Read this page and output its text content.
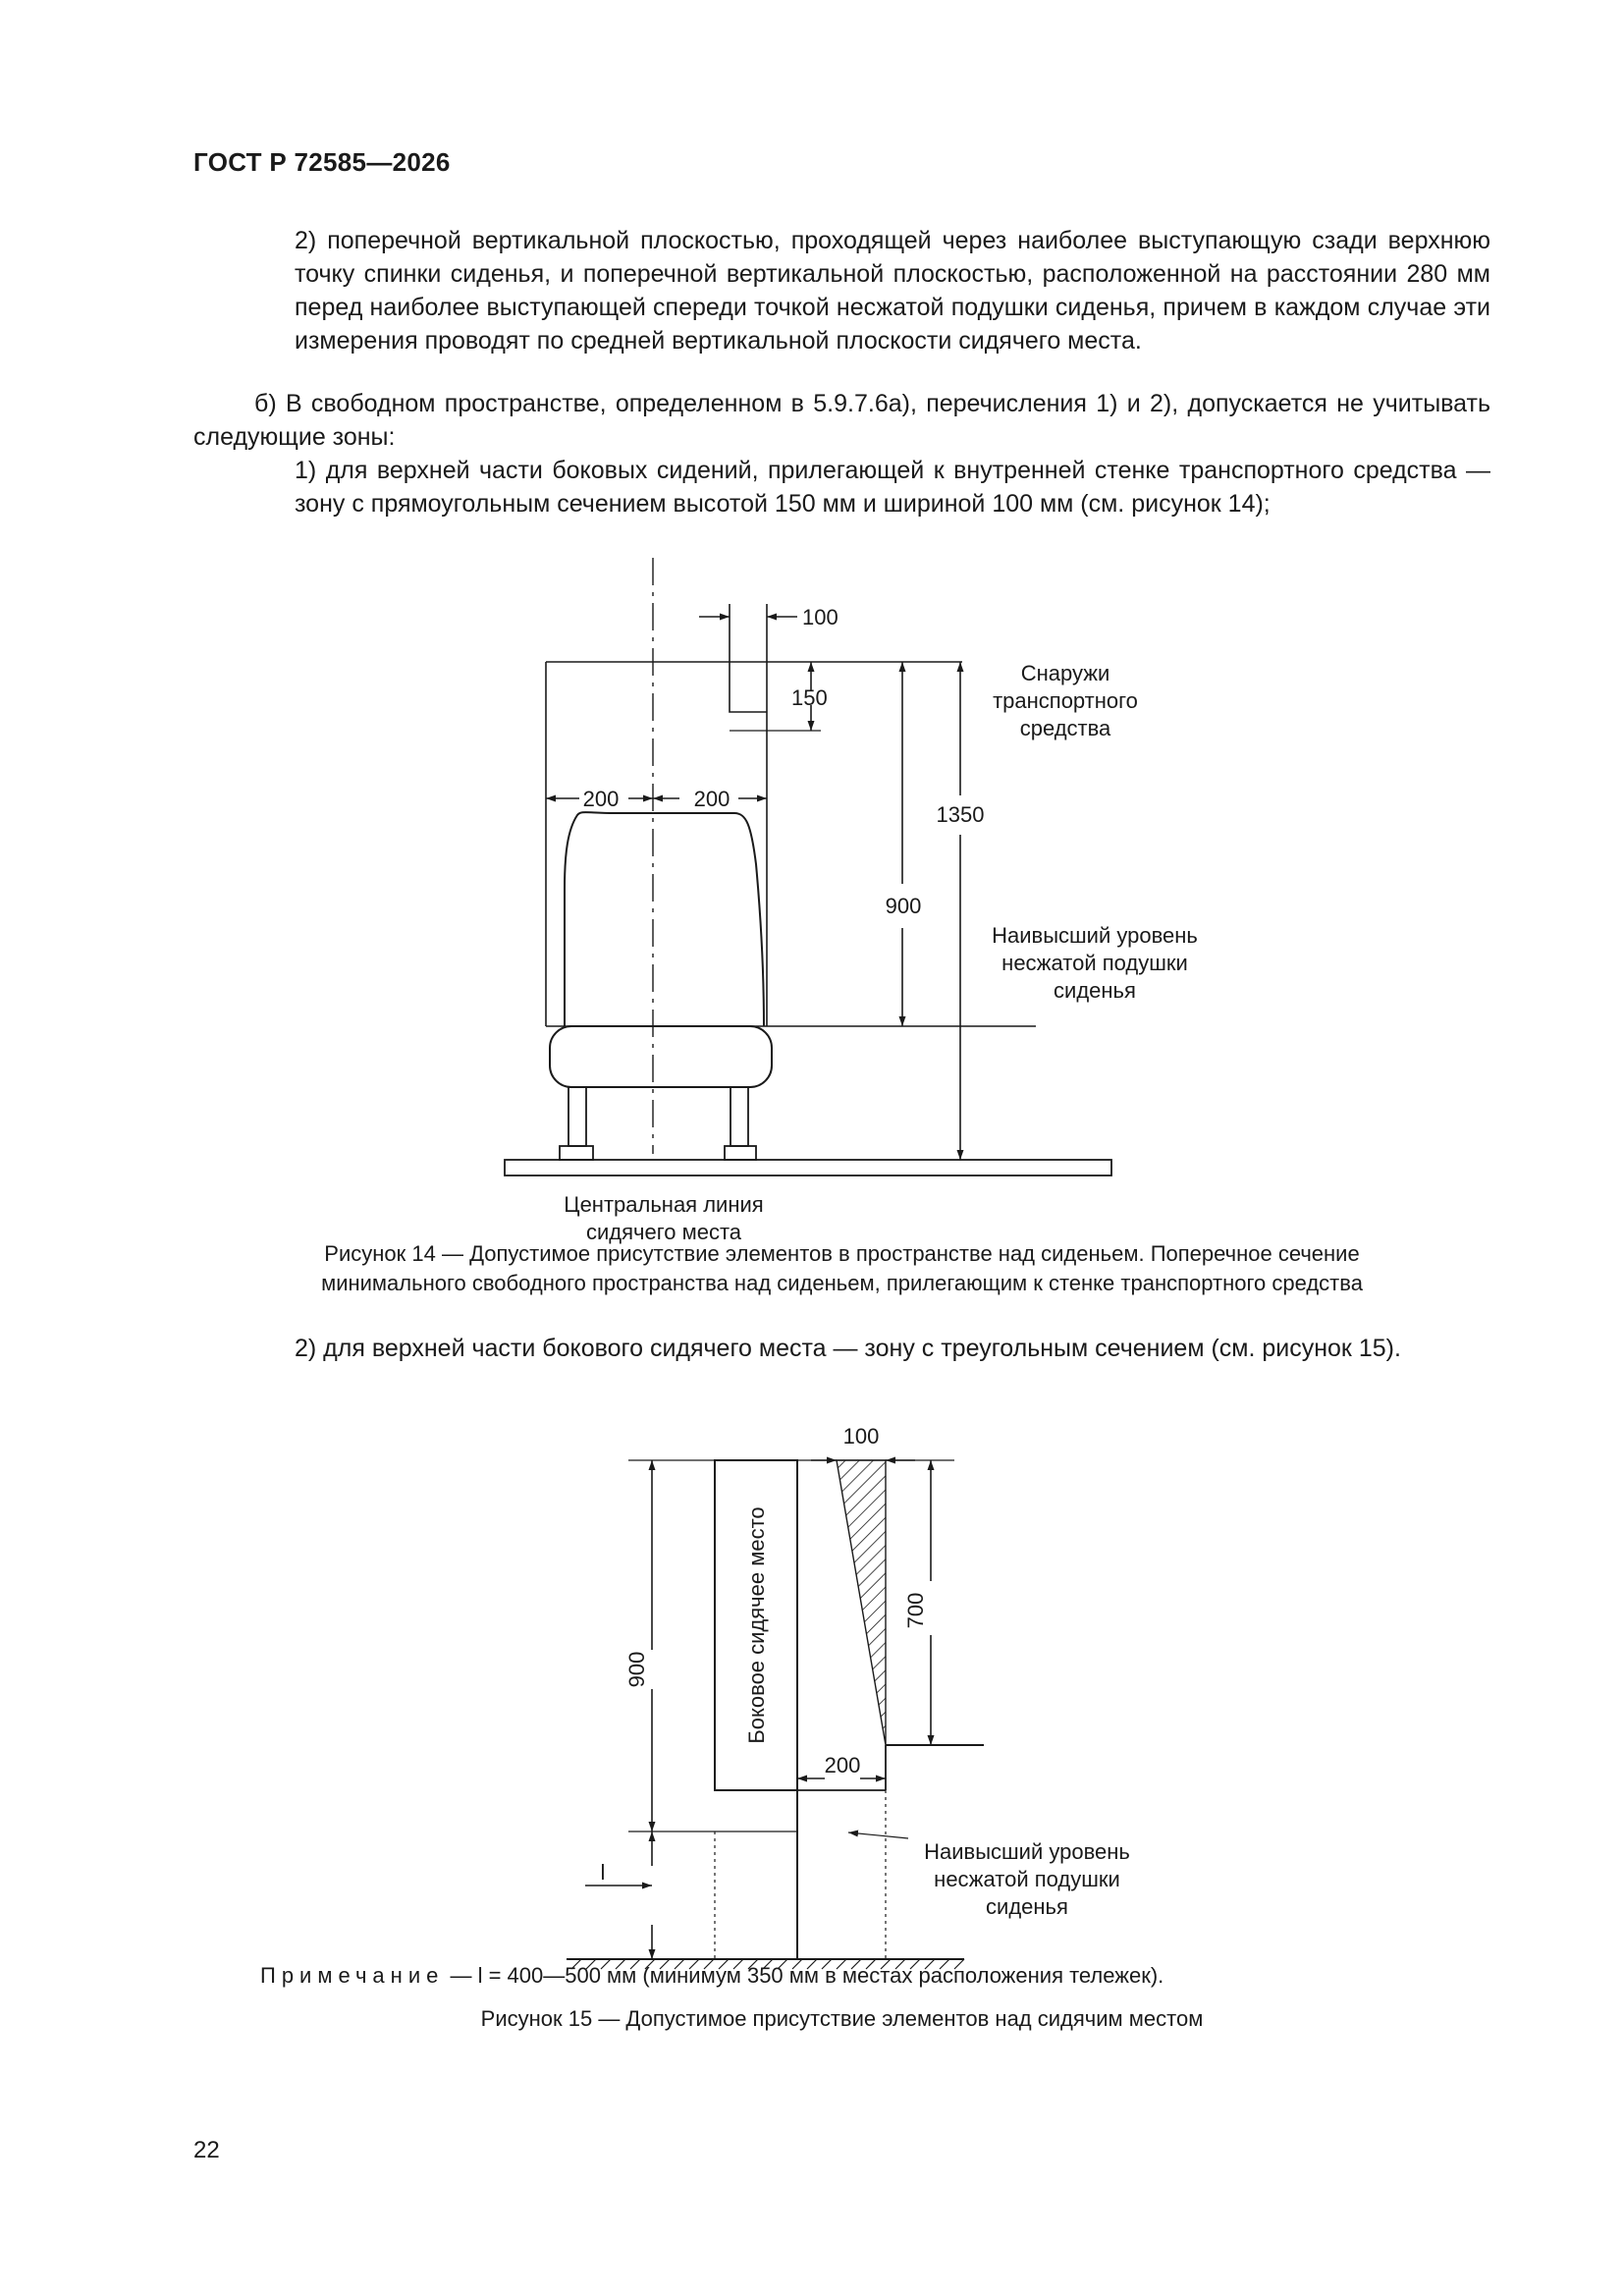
ГОСТ Р 72585—2026

2) поперечной вертикальной плоскостью, проходящей через наиболее выступающую сзади верхнюю точку спинки сиденья, и поперечной вертикальной плоскостью, расположенной на расстоянии 280 мм перед наиболее выступающей спереди точкой несжатой подушки сиденья, причем в каждом случае эти измерения проводят по средней вертикальной плоскости сидячего места.

б) В свободном пространстве, определенном в 5.9.7.6а), перечисления 1) и 2), допускается не учитывать следующие зоны:

1) для верхней части боковых сидений, прилегающей к внутренней стенке транспортного средства — зону с прямоугольным сечением высотой 150 мм и шириной 100 мм (см. рисунок 14);

100
150
200	200
1350
900
Снаружи
транспортного
средства
Наивысший уровень
несжатой подушки
сиденья
Центральная линия
сидячего места
Рисунок 14 — Допустимое присутствие элементов в пространстве над сиденьем. Поперечное сечение
минимального свободного пространства над сиденьем, прилегающим к стенке транспортного средства

2) для верхней части бокового сидячего места — зону с треугольным сечением (см. рисунок 15).

100
700
900
200
l
Боковое сидячее место
Наивысший уровень
несжатой подушки
сиденья
Примечание — l = 400—500 мм (минимум 350 мм в местах расположения тележек).
Рисунок 15 — Допустимое присутствие элементов над сидячим местом
22
